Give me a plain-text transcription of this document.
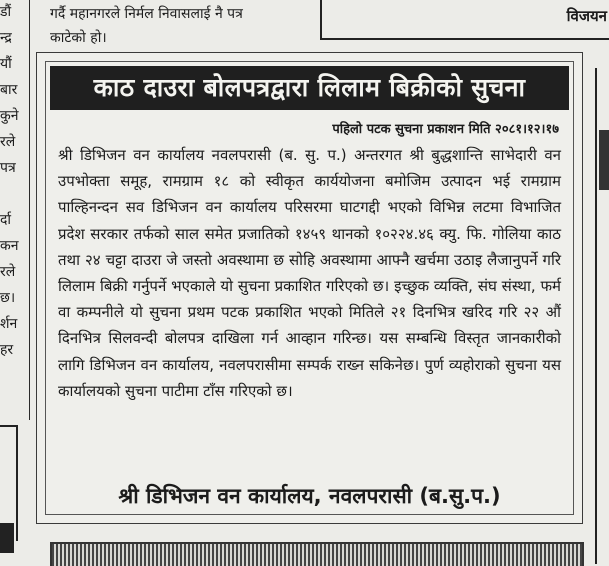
डौं
न्द्र
यौं
बार
कुने
रले
पत्र
र्दा
कन
रले
छ।
र्शन
हर
गर्दै महानगरले निर्मल निवासलाई नै पत्र
काटेको हो।
विजयन
काठ दाउरा बोलपत्रद्वारा लिलाम बिक्रीको सुचना
पहिलो पटक सुचना प्रकाशन मिति २०८१।१२।१७
श्री डिभिजन वन कार्यालय नवलपरासी (ब. सु. प.) अन्तरगत श्री बुद्धशान्ति साभेदारी वन उपभोक्ता समूह, रामग्राम १८ को स्वीकृत कार्ययोजना बमोजिम उत्पादन भई रामग्राम पाल्हिनन्दन सव डिभिजन वन कार्यालय परिसरमा घाटगद्दी भएको विभिन्न लटमा विभाजित प्रदेश सरकार तर्फको साल समेत प्रजातिको १४५९ थानको १०२२४.४६ क्यु. फि. गोलिया काठ तथा २४ चट्टा दाउरा जे जस्तो अवस्थामा छ सोहि अवस्थामा आफ्नै खर्चमा उठाइ लैजानुपर्ने गरि लिलाम बिक्री गर्नुपर्ने भएकाले यो सुचना प्रकाशित गरिएको छ। इच्छुक व्यक्ति, संघ संस्था, फर्म वा कम्पनीले यो सुचना प्रथम पटक प्रकाशित भएको मितिले २१ दिनभित्र खरिद गरि २२ औं दिनभित्र सिलवन्दी बोलपत्र दाखिला गर्न आव्हान गरिन्छ। यस सम्बन्धि विस्तृत जानकारीको लागि डिभिजन वन कार्यालय, नवलपरासीमा सम्पर्क राख्न सकिनेछ। पुर्ण व्यहोराको सुचना यस कार्यालयको सुचना पाटीमा टाँस गरिएको छ।
श्री डिभिजन वन कार्यालय, नवलपरासी (ब.सु.प.)
